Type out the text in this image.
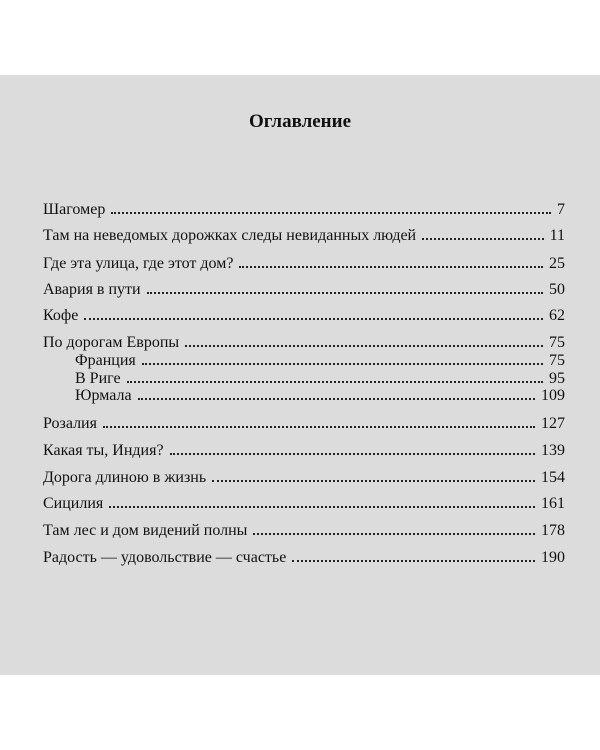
Оглавление
Шагомер	7
Там на неведомых дорожках следы невиданных людей	11
Где эта улица, где этот дом?	25
Авария в пути	50
Кофе	62
По дорогам Европы	75
Франция	75
В Риге	95
Юрмала	109
Розалия	127
Какая ты, Индия?	139
Дорога длиною в жизнь	154
Сицилия	161
Там лес и дом видений полны	178
Радость — удовольствие — счастье	190
